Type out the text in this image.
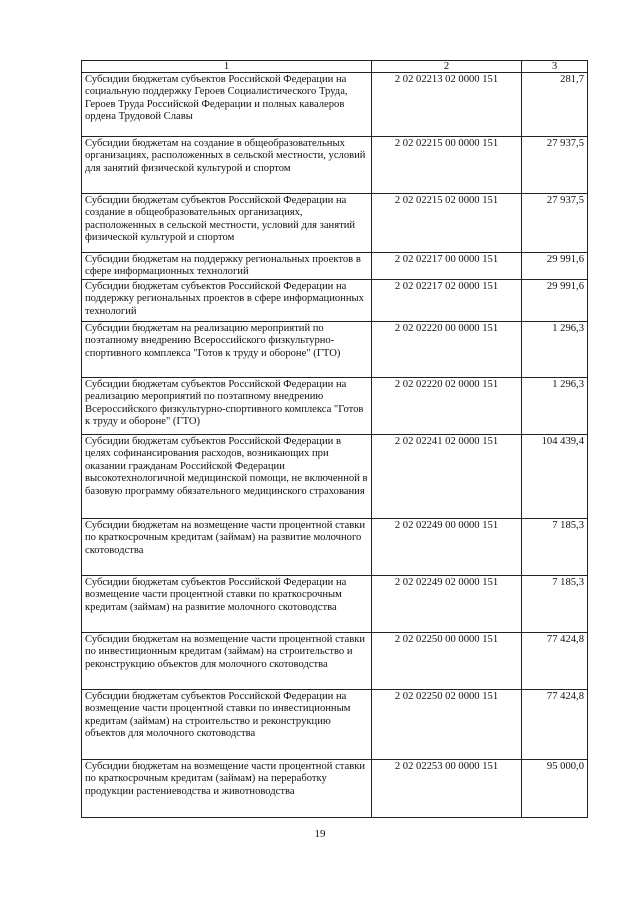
1	2	3
Субсидии бюджетам субъектов Российской Федерации на социальную поддержку Героев Социалистического Труда, Героев Труда Российской Федерации и полных кавалеров ордена Трудовой Славы	2 02 02213 02 0000 151	281,7
Субсидии бюджетам на создание в общеобразовательных организациях, расположенных в сельской местности, условий для занятий физической культурой и спортом	2 02 02215 00 0000 151	27 937,5
Субсидии бюджетам субъектов Российской Федерации на создание в общеобразовательных организациях, расположенных в сельской местности, условий для занятий физической культурой и спортом	2 02 02215 02 0000 151	27 937,5
Субсидии бюджетам на поддержку региональных проектов в сфере информационных технологий	2 02 02217 00 0000 151	29 991,6
Субсидии бюджетам субъектов Российской Федерации на поддержку региональных проектов в сфере информационных технологий	2 02 02217 02 0000 151	29 991,6
Субсидии бюджетам на реализацию мероприятий по поэтапному внедрению Всероссийского физкультурно-спортивного комплекса "Готов к труду и обороне" (ГТО)	2 02 02220 00 0000 151	1 296,3
Субсидии бюджетам субъектов Российской Федерации на реализацию мероприятий по поэтапному внедрению Всероссийского физкультурно-спортивного комплекса "Готов к труду и обороне" (ГТО)	2 02 02220 02 0000 151	1 296,3
Субсидии бюджетам субъектов Российской Федерации в целях софинансирования расходов, возникающих при оказании гражданам Российской Федерации высокотехнологичной медицинской помощи, не включенной в базовую программу обязательного медицинского страхования	2 02 02241 02 0000 151	104 439,4
Субсидии бюджетам на возмещение части процентной ставки по краткосрочным кредитам (займам) на развитие молочного скотоводства	2 02 02249 00 0000 151	7 185,3
Субсидии бюджетам субъектов Российской Федерации на возмещение части процентной ставки по краткосрочным кредитам (займам) на развитие молочного скотоводства	2 02 02249 02 0000 151	7 185,3
Субсидии бюджетам на возмещение части процентной ставки по инвестиционным кредитам (займам) на строительство и реконструкцию объектов для молочного скотоводства	2 02 02250 00 0000 151	77 424,8
Субсидии бюджетам субъектов Российской Федерации на возмещение части процентной ставки по инвестиционным кредитам (займам) на строительство и реконструкцию объектов для молочного скотоводства	2 02 02250 02 0000 151	77 424,8
Субсидии бюджетам на возмещение части процентной ставки по краткосрочным кредитам (займам) на переработку продукции растениеводства и животноводства	2 02 02253 00 0000 151	95 000,0
19
